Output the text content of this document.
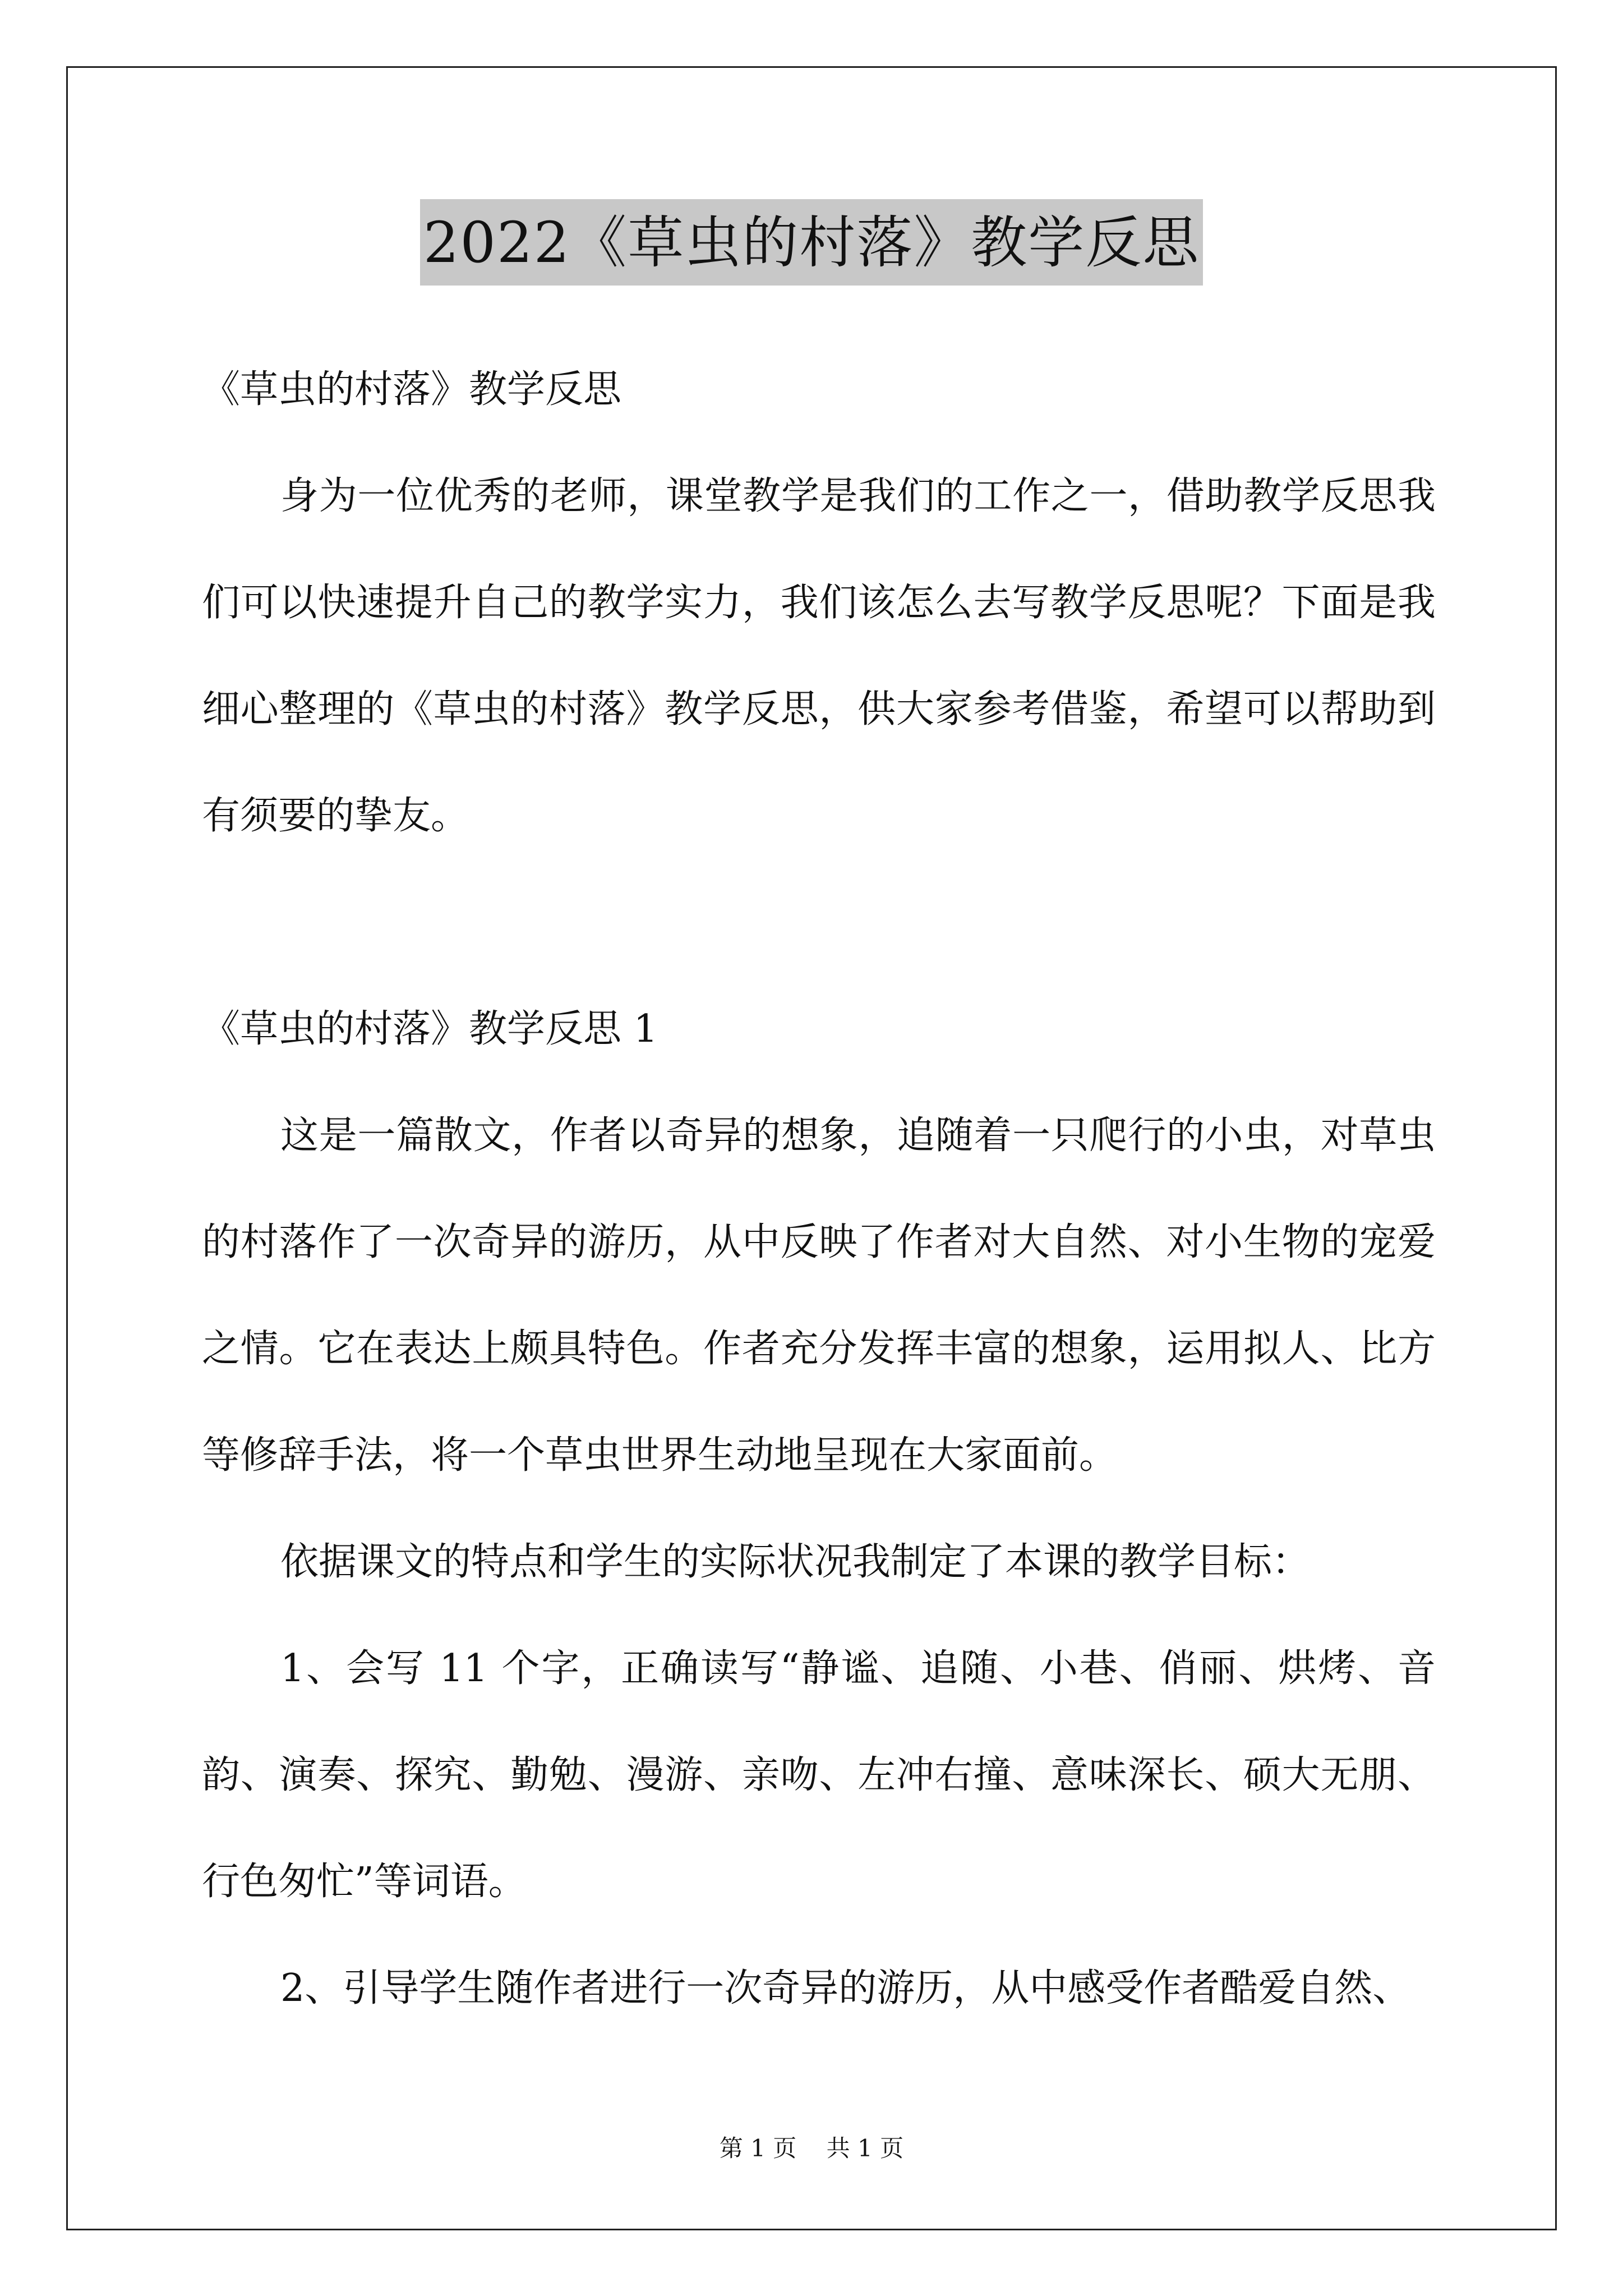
2022《草虫的村落》教学反思

《草虫的村落》教学反思

身为一位优秀的老师，课堂教学是我们的工作之一，借助教学反思我们可以快速提升自己的教学实力，我们该怎么去写教学反思呢？下面是我细心整理的《草虫的村落》教学反思，供大家参考借鉴，希望可以帮助到有须要的挚友。

《草虫的村落》教学反思 1

这是一篇散文，作者以奇异的想象，追随着一只爬行的小虫，对草虫的村落作了一次奇异的游历，从中反映了作者对大自然、对小生物的宠爱之情。它在表达上颇具特色。作者充分发挥丰富的想象，运用拟人、比方等修辞手法，将一个草虫世界生动地呈现在大家面前。

依据课文的特点和学生的实际状况我制定了本课的教学目标：

1、会写 11 个字，正确读写“静谧、追随、小巷、俏丽、烘烤、音韵、演奏、探究、勤勉、漫游、亲吻、左冲右撞、意味深长、硕大无朋、行色匆忙”等词语。

2、引导学生随作者进行一次奇异的游历，从中感受作者酷爱自然、

第 1 页 共 1 页
